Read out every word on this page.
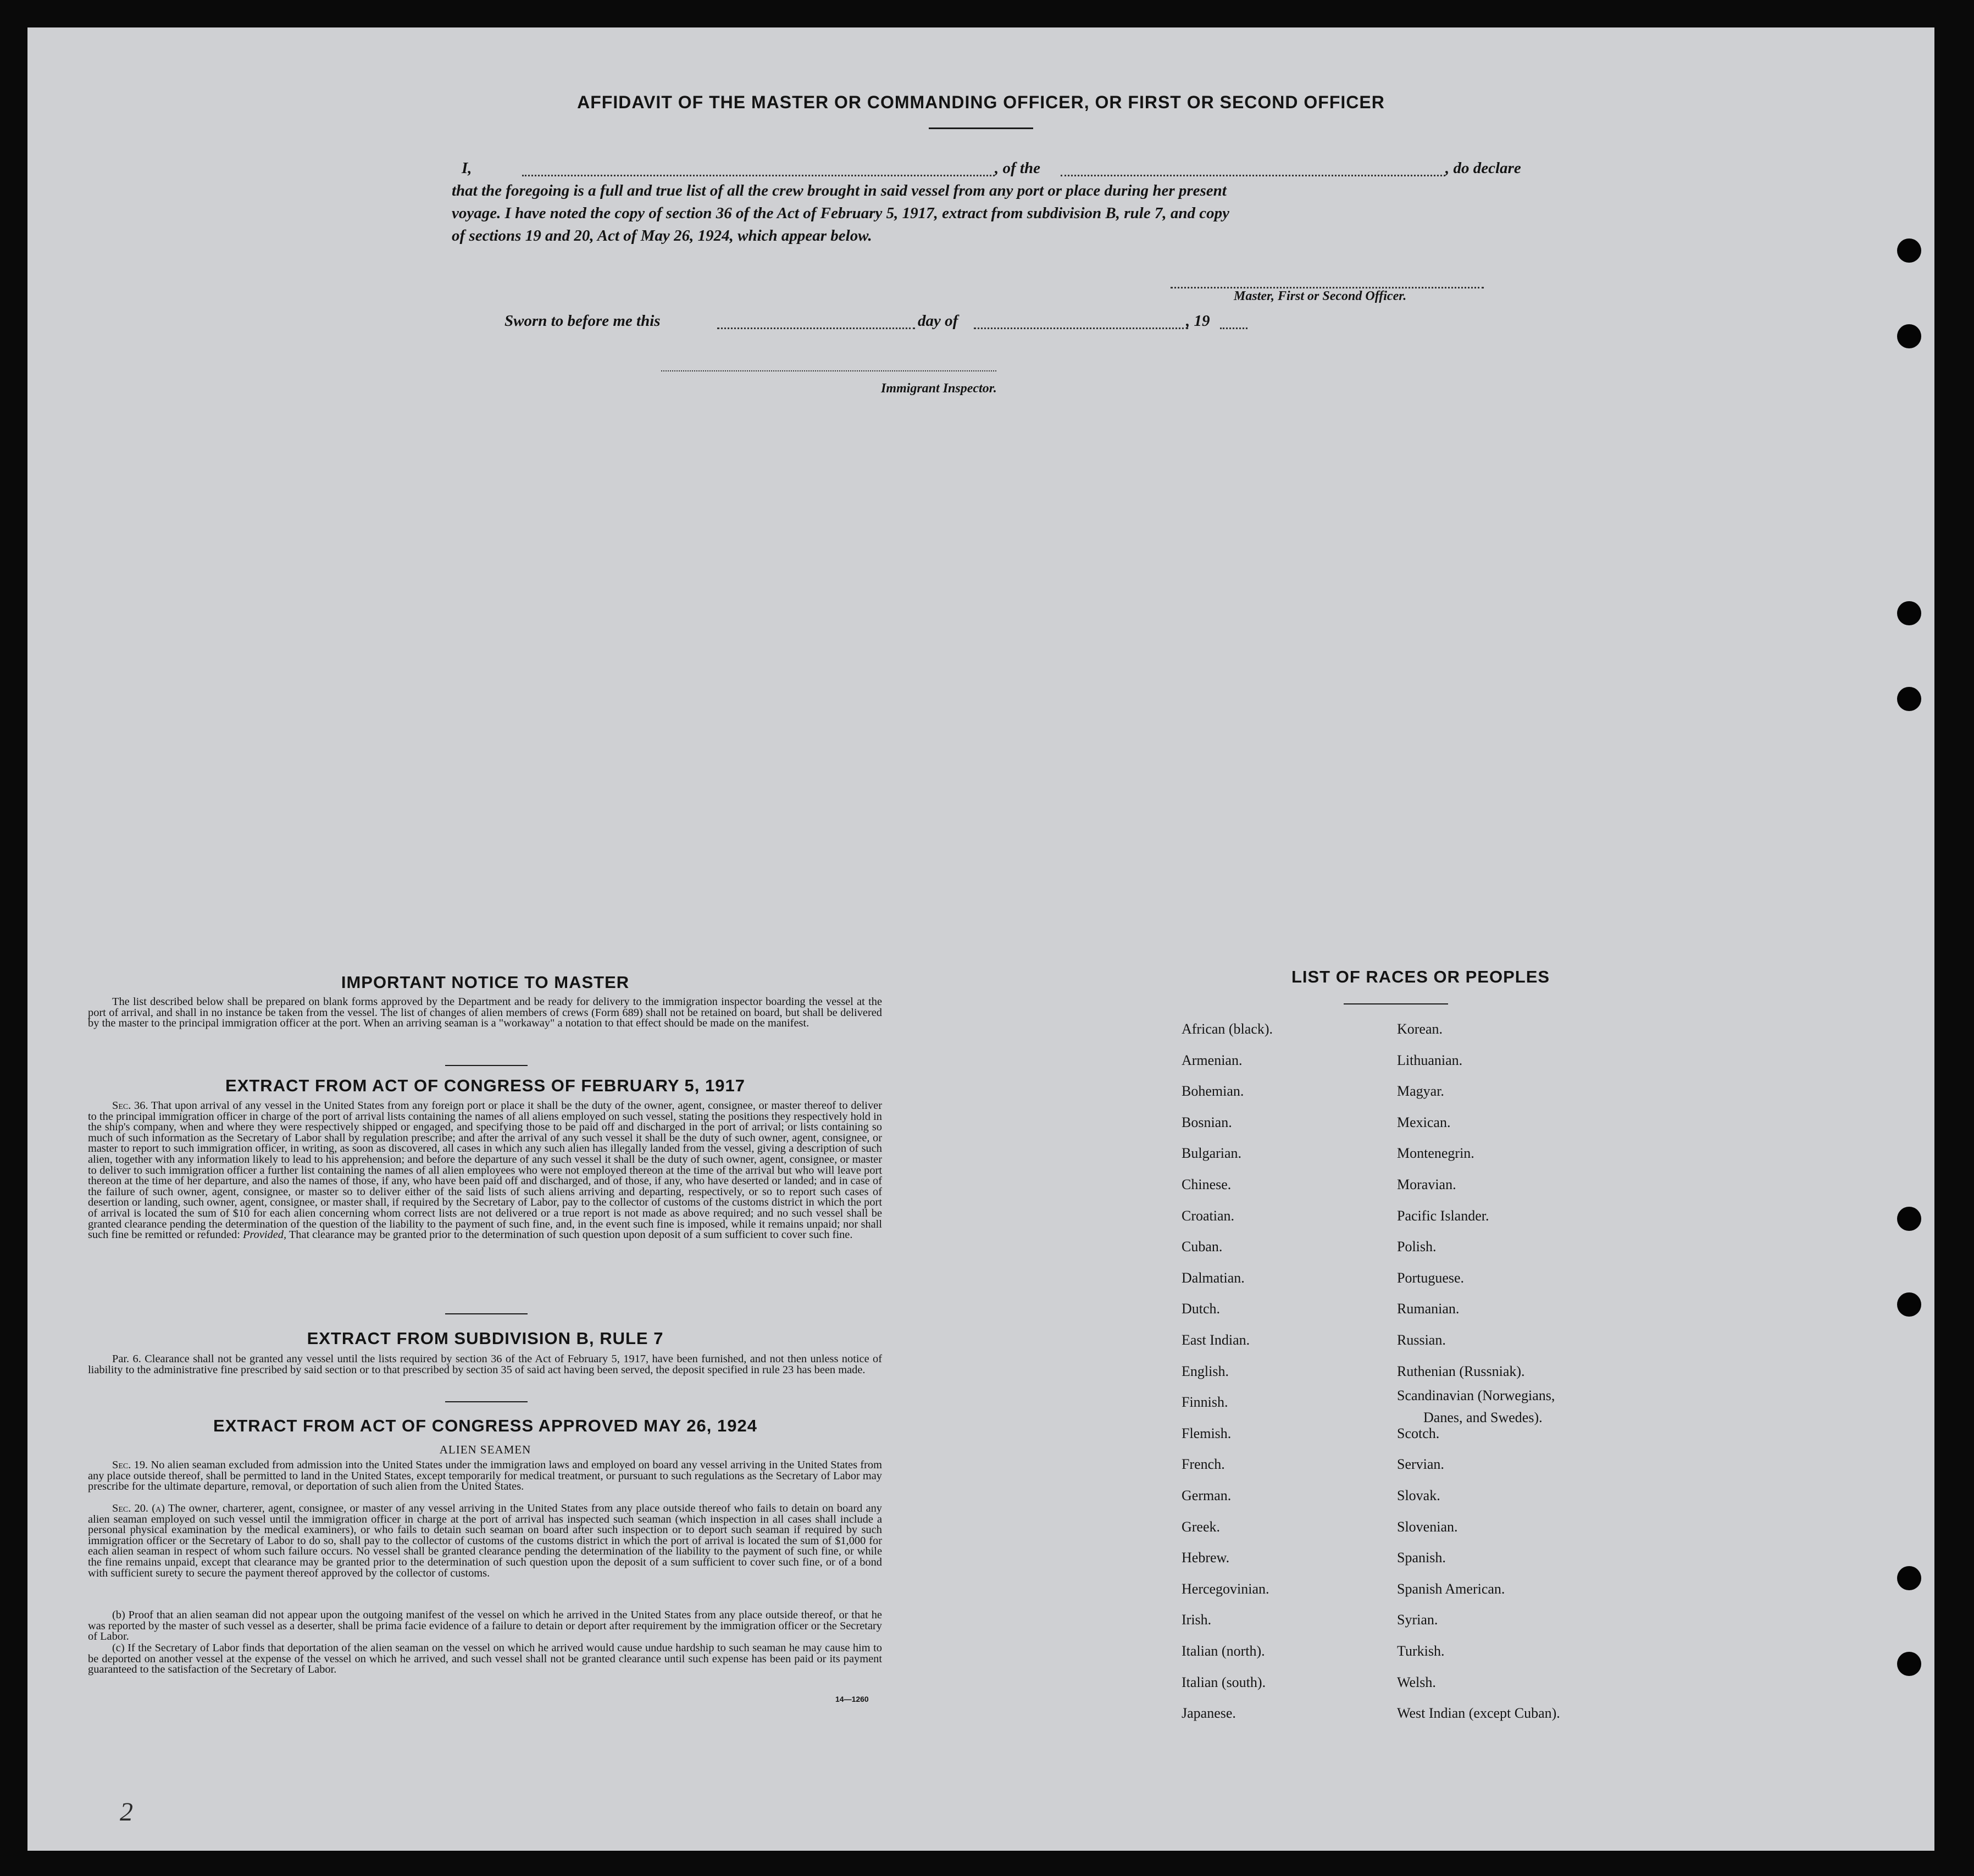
AFFIDAVIT OF THE MASTER OR COMMANDING OFFICER, OR FIRST OR SECOND OFFICER
I,	, of the	, do declare
that the foregoing is a full and true list of all the crew brought in said vessel from any port or place during her present
voyage. I have noted the copy of section 36 of the Act of February 5, 1917, extract from subdivision B, rule 7, and copy
of sections 19 and 20, Act of May 26, 1924, which appear below.
Master, First or Second Officer.
Sworn to before me this	day of	, 19
Immigrant Inspector.
IMPORTANT NOTICE TO MASTER
The list described below shall be prepared on blank forms approved by the Department and be ready for delivery to the immigration inspector boarding the vessel at the port of arrival, and shall in no instance be taken from the vessel. The list of changes of alien members of crews (Form 689) shall not be retained on board, but shall be delivered by the master to the principal immigration officer at the port. When an arriving seaman is a "workaway" a notation to that effect should be made on the manifest.
EXTRACT FROM ACT OF CONGRESS OF FEBRUARY 5, 1917
Sec. 36. That upon arrival of any vessel in the United States from any foreign port or place it shall be the duty of the owner, agent, consignee, or master thereof to deliver to the principal immigration officer in charge of the port of arrival lists containing the names of all aliens employed on such vessel, stating the positions they respectively hold in the ship's company, when and where they were respectively shipped or engaged, and specifying those to be paid off and discharged in the port of arrival; or lists containing so much of such information as the Secretary of Labor shall by regulation prescribe; and after the arrival of any such vessel it shall be the duty of such owner, agent, consignee, or master to report to such immigration officer, in writing, as soon as discovered, all cases in which any such alien has illegally landed from the vessel, giving a description of such alien, together with any information likely to lead to his apprehension; and before the departure of any such vessel it shall be the duty of such owner, agent, consignee, or master to deliver to such immigration officer a further list containing the names of all alien employees who were not employed thereon at the time of the arrival but who will leave port thereon at the time of her departure, and also the names of those, if any, who have been paid off and discharged, and of those, if any, who have deserted or landed; and in case of the failure of such owner, agent, consignee, or master so to deliver either of the said lists of such aliens arriving and departing, respectively, or so to report such cases of desertion or landing, such owner, agent, consignee, or master shall, if required by the Secretary of Labor, pay to the collector of customs of the customs district in which the port of arrival is located the sum of $10 for each alien concerning whom correct lists are not delivered or a true report is not made as above required; and no such vessel shall be granted clearance pending the determination of the question of the liability to the payment of such fine, and, in the event such fine is imposed, while it remains unpaid; nor shall such fine be remitted or refunded: Provided, That clearance may be granted prior to the determination of such question upon deposit of a sum sufficient to cover such fine.
EXTRACT FROM SUBDIVISION B, RULE 7
Par. 6. Clearance shall not be granted any vessel until the lists required by section 36 of the Act of February 5, 1917, have been furnished, and not then unless notice of liability to the administrative fine prescribed by said section or to that prescribed by section 35 of said act having been served, the deposit specified in rule 23 has been made.
EXTRACT FROM ACT OF CONGRESS APPROVED MAY 26, 1924
ALIEN SEAMEN
Sec. 19. No alien seaman excluded from admission into the United States under the immigration laws and employed on board any vessel arriving in the United States from any place outside thereof, shall be permitted to land in the United States, except temporarily for medical treatment, or pursuant to such regulations as the Secretary of Labor may prescribe for the ultimate departure, removal, or deportation of such alien from the United States.
Sec. 20. (a) The owner, charterer, agent, consignee, or master of any vessel arriving in the United States from any place outside thereof who fails to detain on board any alien seaman employed on such vessel until the immigration officer in charge at the port of arrival has inspected such seaman (which inspection in all cases shall include a personal physical examination by the medical examiners), or who fails to detain such seaman on board after such inspection or to deport such seaman if required by such immigration officer or the Secretary of Labor to do so, shall pay to the collector of customs of the customs district in which the port of arrival is located the sum of $1,000 for each alien seaman in respect of whom such failure occurs. No vessel shall be granted clearance pending the determination of the liability to the payment of such fine, or while the fine remains unpaid, except that clearance may be granted prior to the determination of such question upon the deposit of a sum sufficient to cover such fine, or of a bond with sufficient surety to secure the payment thereof approved by the collector of customs.
(b) Proof that an alien seaman did not appear upon the outgoing manifest of the vessel on which he arrived in the United States from any place outside thereof, or that he was reported by the master of such vessel as a deserter, shall be prima facie evidence of a failure to detain or deport after requirement by the immigration officer or the Secretary of Labor.
(c) If the Secretary of Labor finds that deportation of the alien seaman on the vessel on which he arrived would cause undue hardship to such seaman he may cause him to be deported on another vessel at the expense of the vessel on which he arrived, and such vessel shall not be granted clearance until such expense has been paid or its payment guaranteed to the satisfaction of the Secretary of Labor.
14—1260
LIST OF RACES OR PEOPLES
African (black).
Armenian.
Bohemian.
Bosnian.
Bulgarian.
Chinese.
Croatian.
Cuban.
Dalmatian.
Dutch.
East Indian.
English.
Finnish.
Flemish.
French.
German.
Greek.
Hebrew.
Hercegovinian.
Irish.
Italian (north).
Italian (south).
Japanese.
Korean.
Lithuanian.
Magyar.
Mexican.
Montenegrin.
Moravian.
Pacific Islander.
Polish.
Portuguese.
Rumanian.
Russian.
Ruthenian (Russniak).
Scandinavian (Norwegians,
Danes, and Swedes).
Scotch.
Servian.
Slovak.
Slovenian.
Spanish.
Spanish American.
Syrian.
Turkish.
Welsh.
West Indian (except Cuban).
2
